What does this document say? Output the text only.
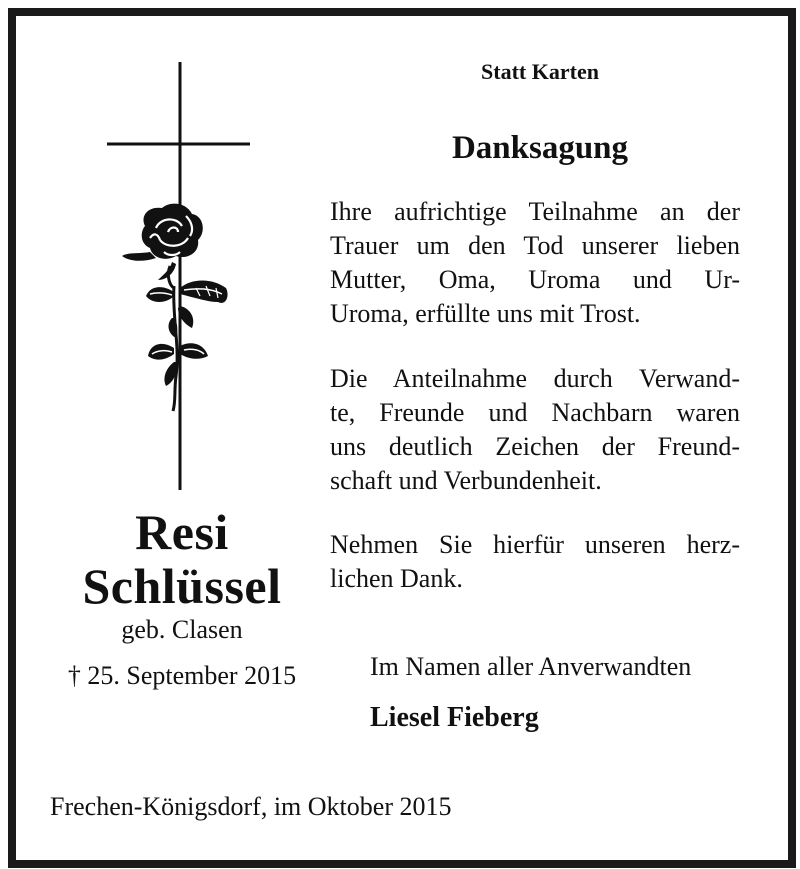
Resi
Schlüssel
geb. Clasen
† 25. September 2015
Statt Karten
Danksagung
Ihre aufrichtige Teilnahme an der
Trauer um den Tod unserer lieben
Mutter, Oma, Uroma und Ur-
Uroma, erfüllte uns mit Trost.
Die Anteilnahme durch Verwand-
te, Freunde und Nachbarn waren
uns deutlich Zeichen der Freund-
schaft und Verbundenheit.
Nehmen Sie hierfür unseren herz-
lichen Dank.
Im Namen aller Anverwandten
Liesel Fieberg
Frechen-Königsdorf, im Oktober 2015
